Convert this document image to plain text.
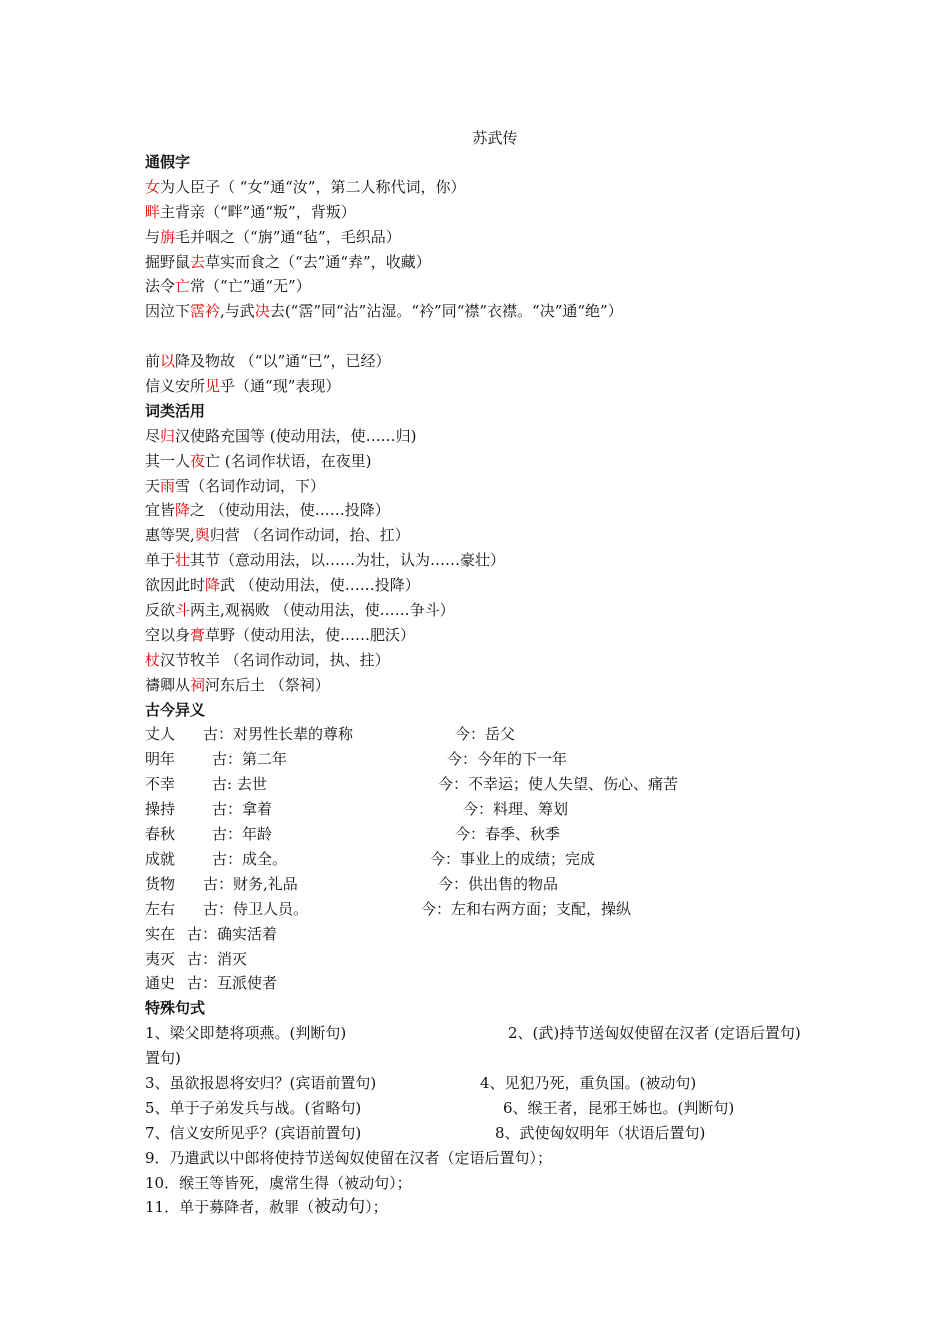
苏武传
通假字
女为人臣子（ “女”通“汝”，第二人称代词，你）
畔主背亲（“畔”通“叛”，背叛）
与旃毛并咽之（“旃”通“毡”，毛织品）
掘野鼠去草实而食之（“去”通“弆”，收藏）
法令亡常（“亡”通“无”）
因泣下霑衿,与武决去(“霑”同“沾”沾湿。“衿”同“襟”衣襟。“决”通“绝”）
前以降及物故 （“以”通“已”，已经）
信义安所见乎（通“现”表现）
词类活用
尽归汉使路充国等 (使动用法，使……归)
其一人夜亡 (名词作状语，在夜里)
天雨雪（名词作动词，下）
宜皆降之 （使动用法，使……投降）
惠等哭,舆归营 （名词作动词，抬、扛）
单于壮其节（意动用法，以……为壮，认为……豪壮）
欲因此时降武 （使动用法，使……投降）
反欲斗两主,观祸败 （使动用法，使……争斗）
空以身膏草野（使动用法，使……肥沃）
杖汉节牧羊 （名词作动词，执、拄）
禱卿从祠河东后土 （祭祠）
古今异义
丈人 古：对男性长辈的尊称	今：岳父
明年 古：第二年	今：今年的下一年
不幸 古: 去世	今：不幸运；使人失望、伤心、痛苦
操持 古：拿着	今：料理、筹划
春秋 古：年龄	今：春季、秋季
成就 古：成全。	今：事业上的成绩；完成
货物 古：财务,礼品	今：供出售的物品
左右 古：侍卫人员。	今：左和右两方面；支配，操纵
实在 古：确实活着
夷灭 古：消灭
通史 古：互派使者
特殊句式
1、梁父即楚将项燕。(判断句)	2、(武)持节送匈奴使留在汉者 (定语后置句)
置句)
3、虽欲报恩将安归？(宾语前置句)	4、见犯乃死，重负国。(被动句)
5、单于子弟发兵与战。(省略句)	6、缑王者，昆邪王姊也。(判断句)
7、信义安所见乎？(宾语前置句)	8、武使匈奴明年（状语后置句)
9．乃遣武以中郎将使持节送匈奴使留在汉者（定语后置句）；
10．缑王等皆死，虞常生得（被动句）；
11．单于募降者，赦罪（被动句）；
